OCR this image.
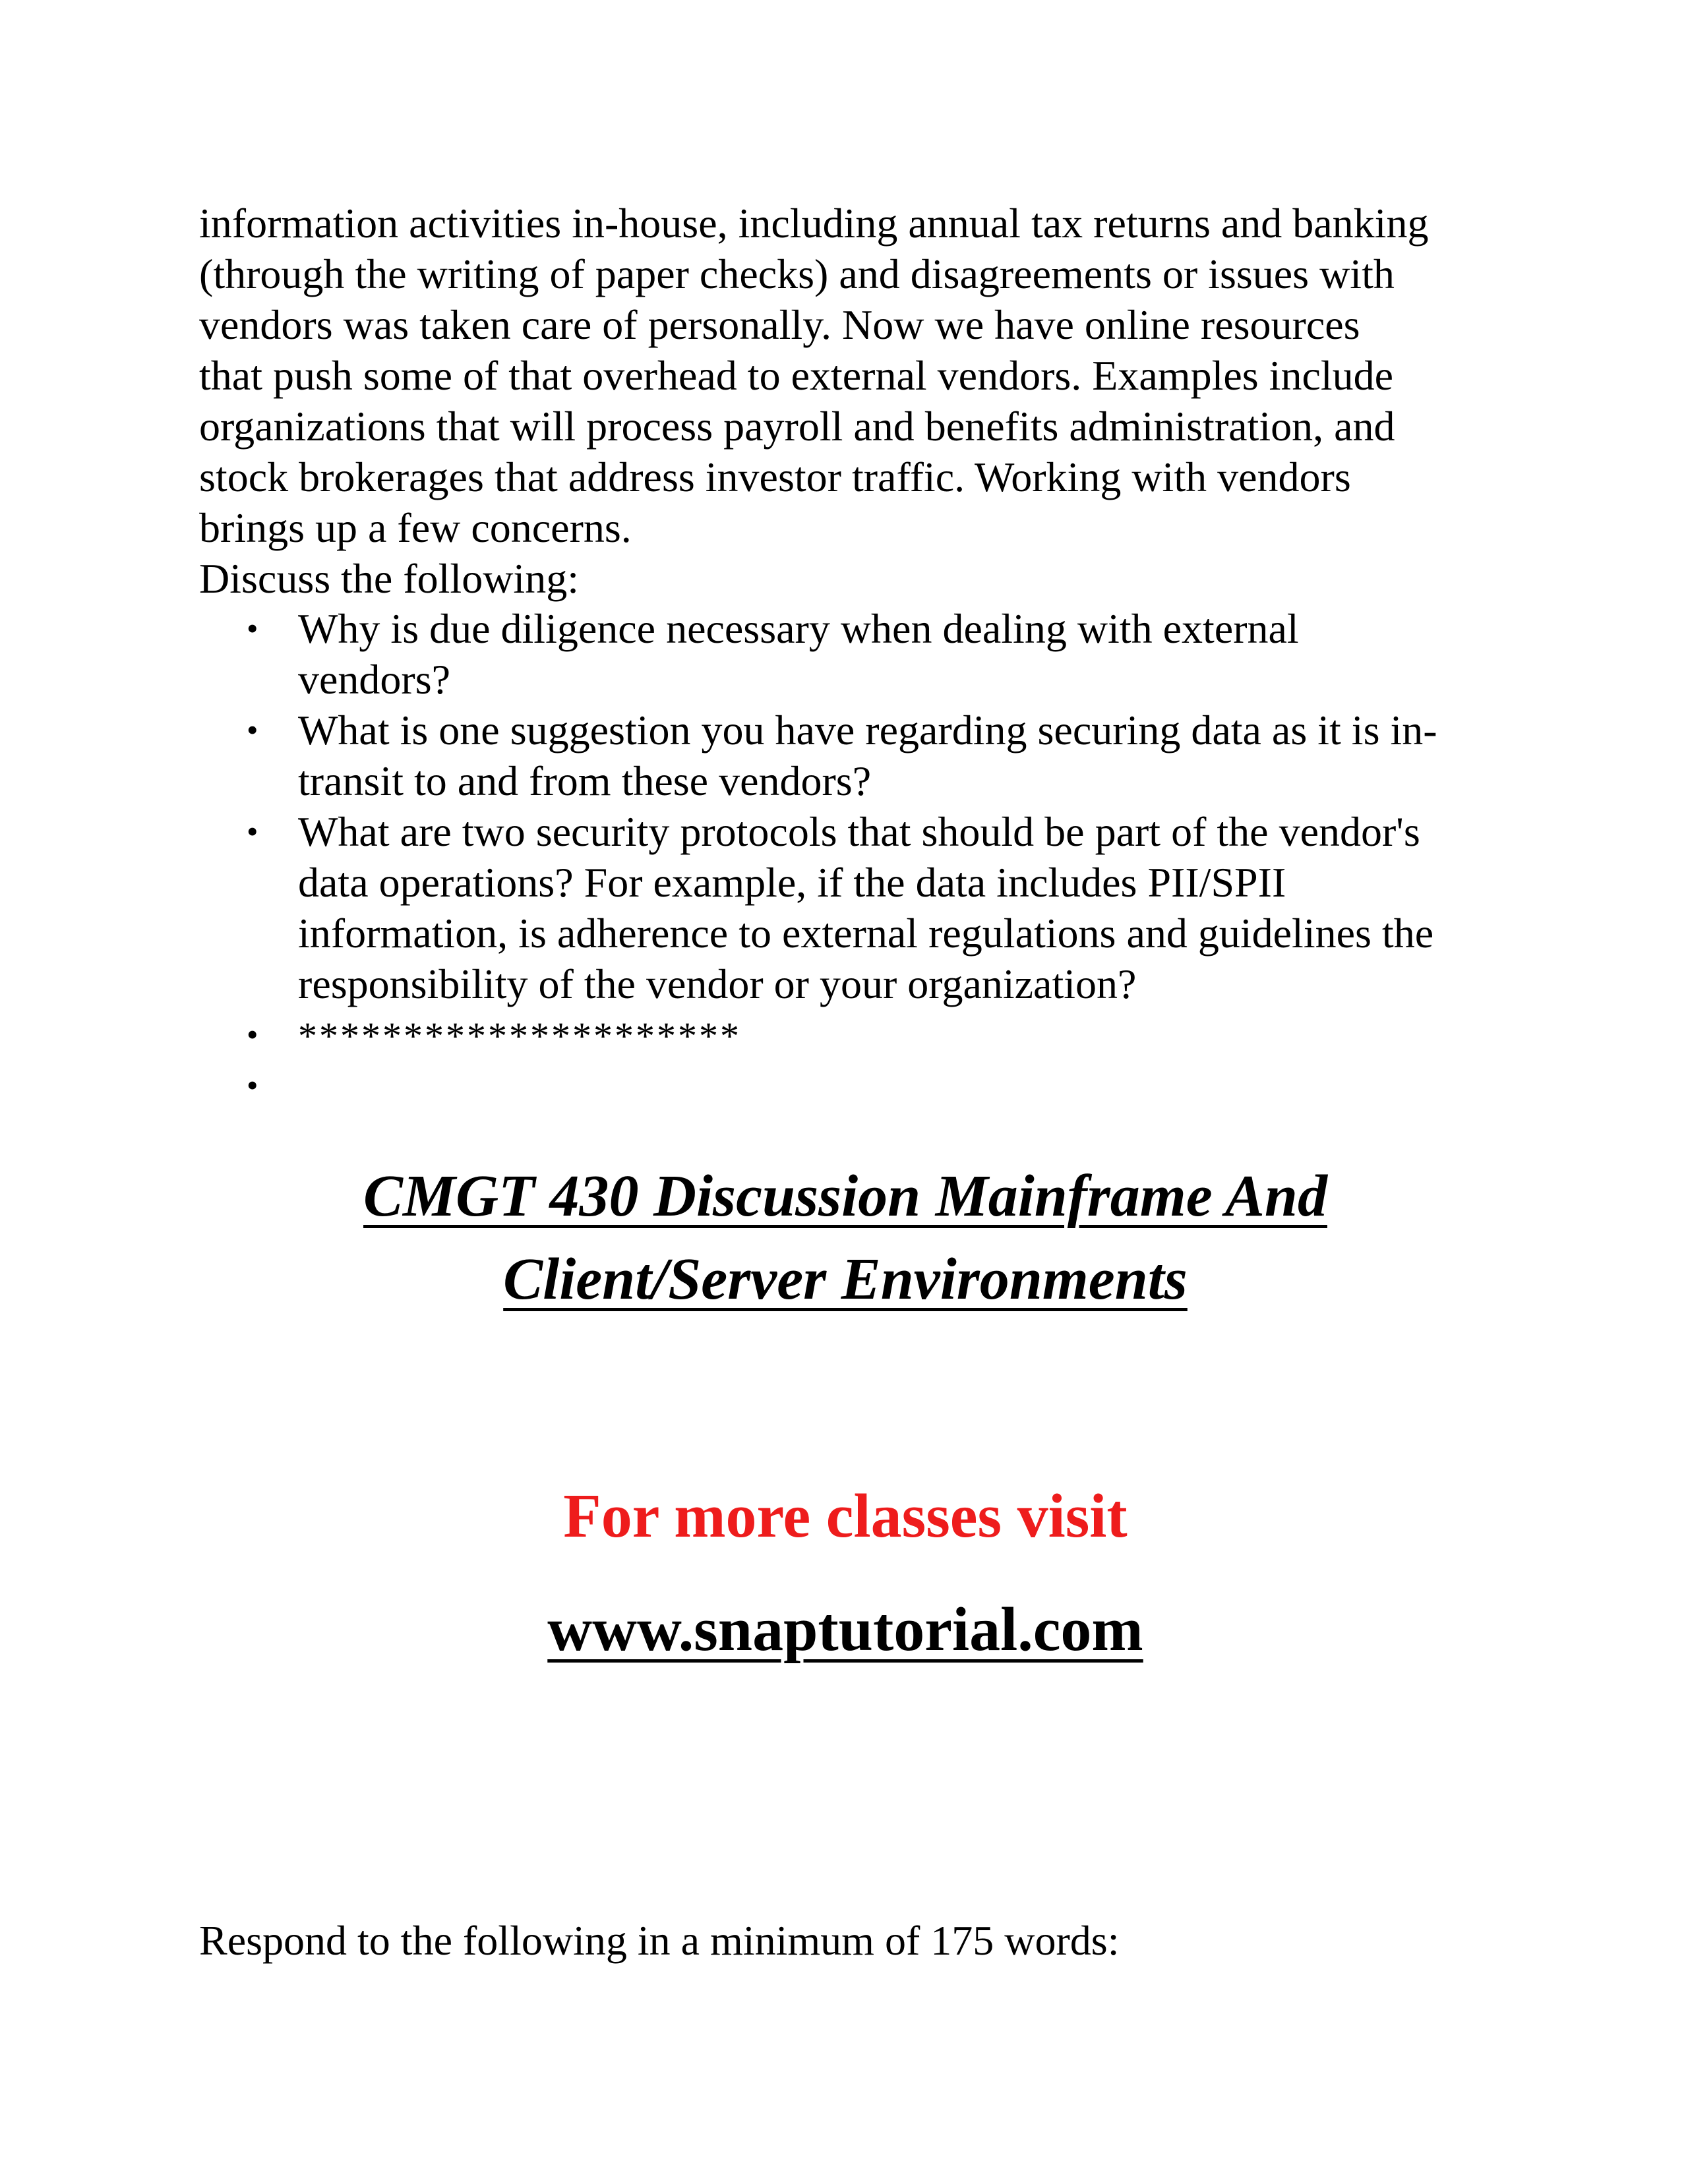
information activities in-house, including annual tax returns and banking

(through the writing of paper checks) and disagreements or issues with

vendors was taken care of personally. Now we have online resources

that push some of that overhead to external vendors. Examples include

organizations that will process payroll and benefits administration, and

stock brokerages that address investor traffic. Working with vendors

brings up a few concerns.

Discuss the following:

• Why is due diligence necessary when dealing with external
vendors?
• What is one suggestion you have regarding securing data as it is in-
transit to and from these vendors?
• What are two security protocols that should be part of the vendor's
data operations? For example, if the data includes PII/SPII
information, is adherence to external regulations and guidelines the
responsibility of the vendor or your organization?
• *********************
•
CMGT 430 Discussion Mainframe And
Client/Server Environments
For more classes visit
www.snaptutorial.com
Respond to the following in a minimum of 175 words:
